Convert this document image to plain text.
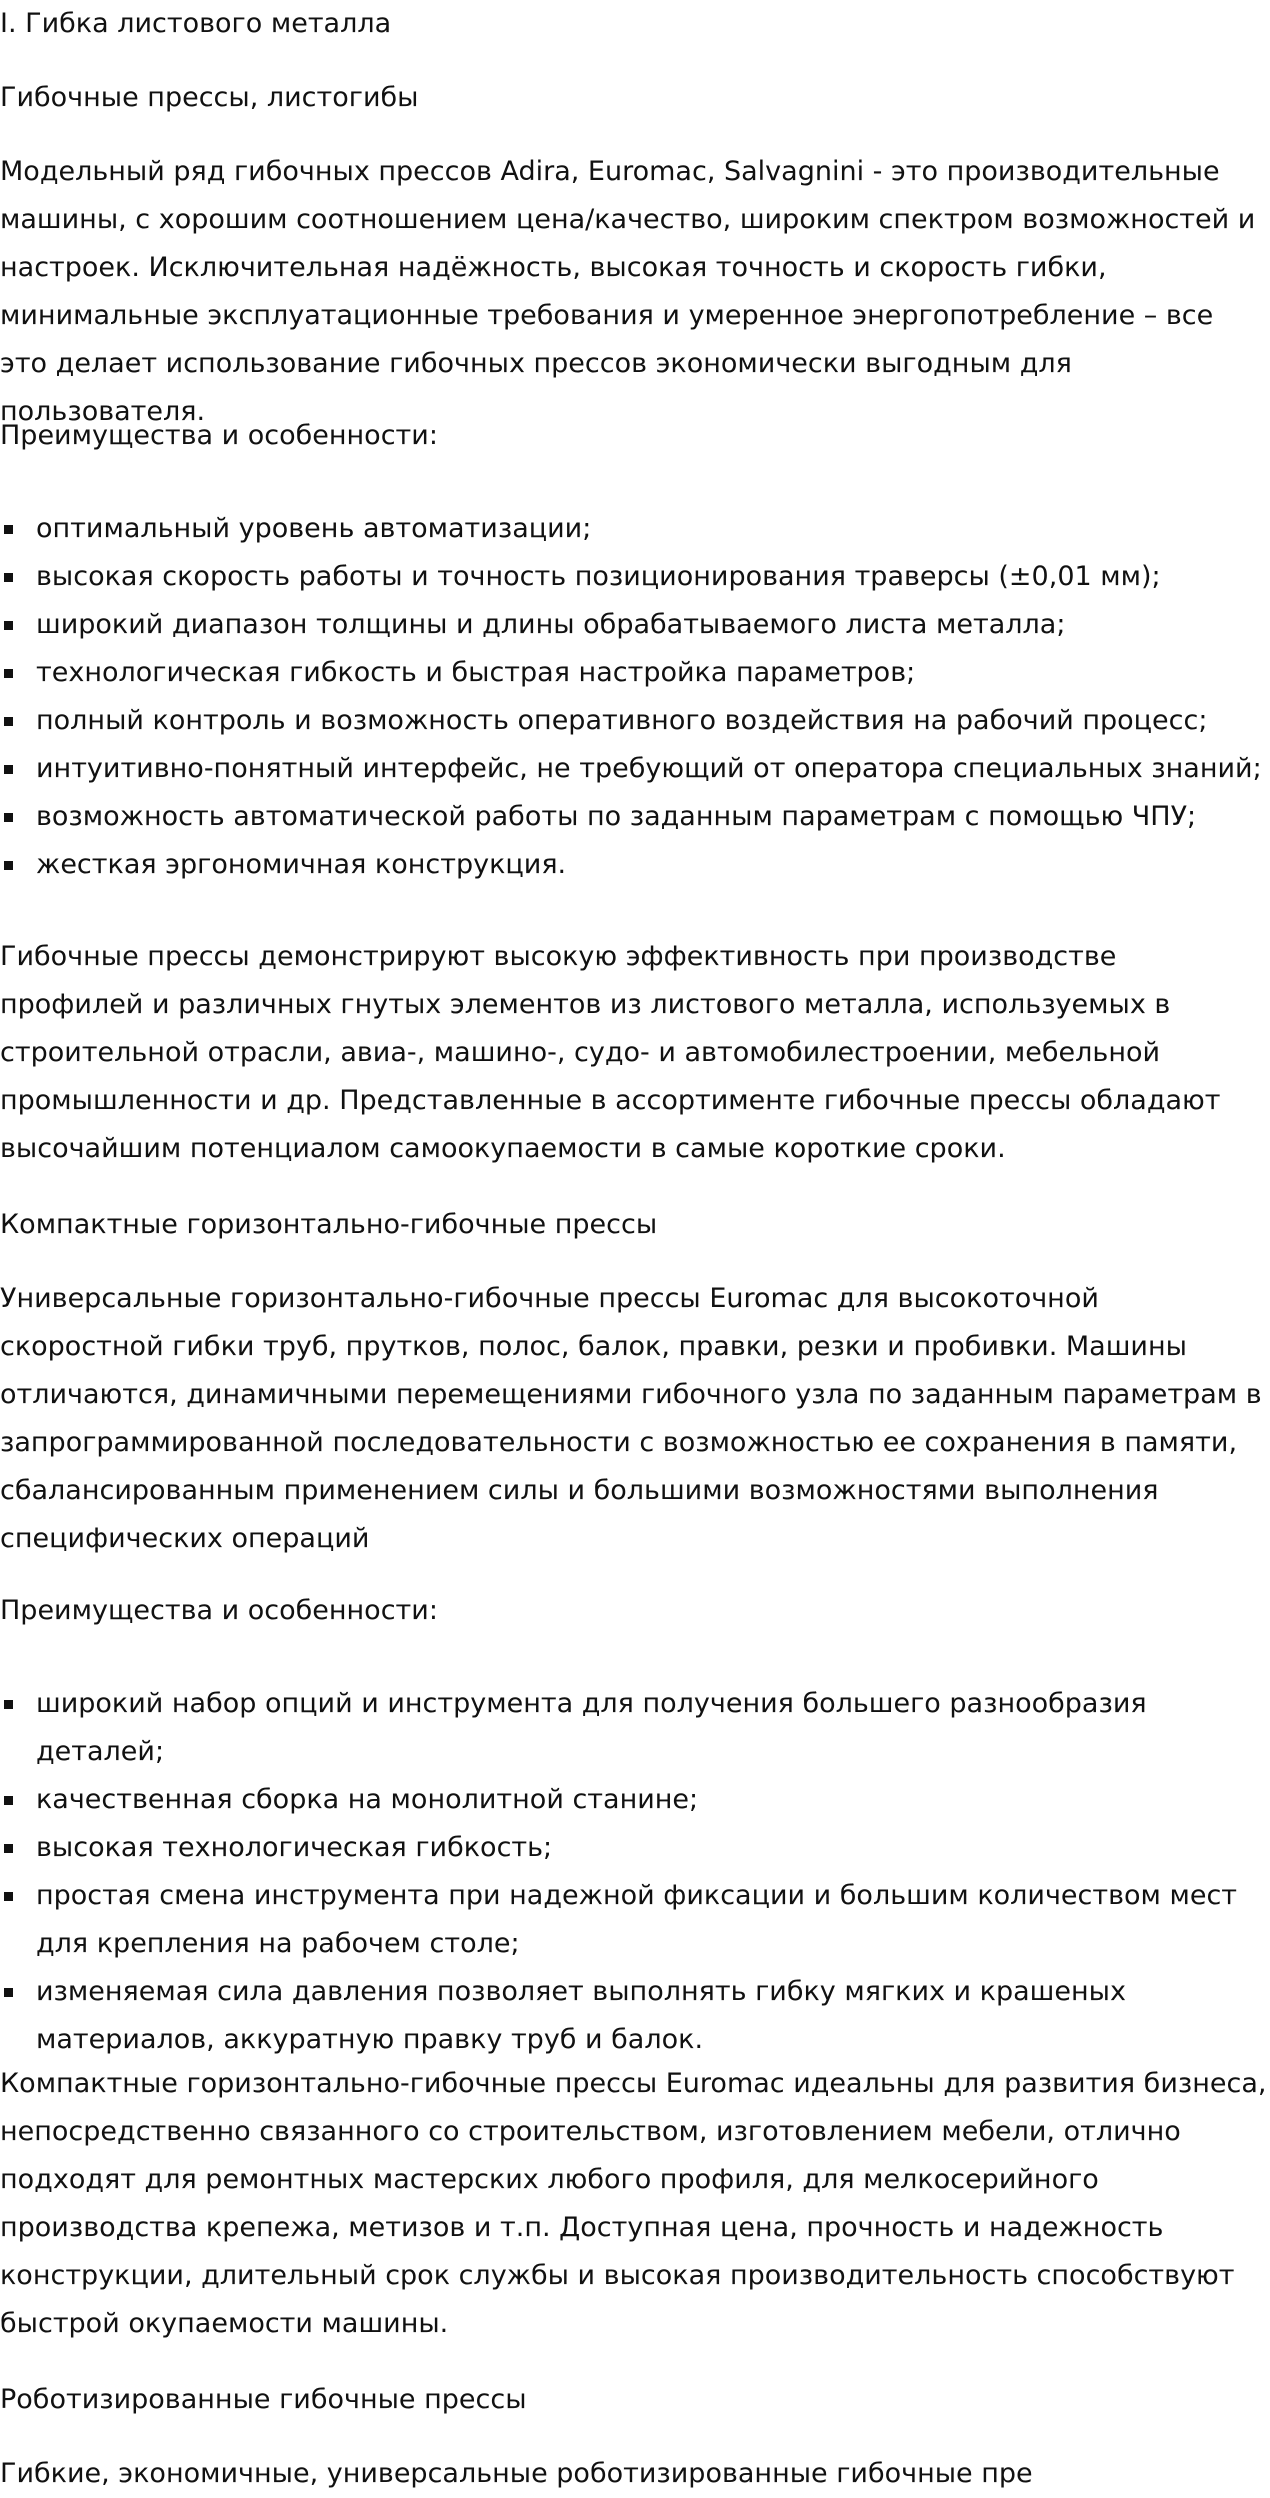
I. Гибка листового металла
Гибочные прессы, листогибы

Модельный ряд гибочных прессов Adira, Euromac, Salvagnini - это производительные машины, с хорошим соотношением цена/качество, широким спектром возможностей и настроек. Исключительная надёжность, высокая точность и скорость гибки, минимальные эксплуатационные требования и умеренное энергопотребление – все это делает использование гибочных прессов экономически выгодным для пользователя.

Преимущества и особенности:

оптимальный уровень автоматизации;
высокая скорость работы и точность позиционирования траверсы (±0,01 мм);
широкий диапазон толщины и длины обрабатываемого листа металла;
технологическая гибкость и быстрая настройка параметров;
полный контроль и возможность оперативного воздействия на рабочий процесс;
интуитивно-понятный интерфейс, не требующий от оператора специальных знаний;
возможность автоматической работы по заданным параметрам с помощью ЧПУ;
жесткая эргономичная конструкция.

Гибочные прессы демонстрируют высокую эффективность при производстве профилей и различных гнутых элементов из листового металла, используемых в строительной отрасли, авиа-, машино-, судо- и автомобилестроении, мебельной промышленности и др. Представленные в ассортименте гибочные прессы обладают высочайшим потенциалом самоокупаемости в самые короткие сроки.

Компактные горизонтально-гибочные прессы

Универсальные горизонтально-гибочные прессы Euromac для высокоточной скоростной гибки труб, прутков, полос, балок, правки, резки и пробивки. Машины отличаются, динамичными перемещениями гибочного узла по заданным параметрам в запрограммированной последовательности с возможностью ее сохранения в памяти, сбалансированным применением силы и большими возможностями выполнения специфических операций

Преимущества и особенности:

широкий набор опций и инструмента для получения большего разнообразия деталей;
качественная сборка на монолитной станине;
высокая технологическая гибкость;
простая смена инструмента при надежной фиксации и большим количеством мест для крепления на рабочем столе;
изменяемая сила давления позволяет выполнять гибку мягких и крашеных материалов, аккуратную правку труб и балок.

Компактные горизонтально-гибочные прессы Euromac идеальны для развития бизнеса, непосредственно связанного со строительством, изготовлением мебели, отлично подходят для ремонтных мастерских любого профиля, для мелкосерийного производства крепежа, метизов и т.п. Доступная цена, прочность и надежность конструкции, длительный срок службы и высокая производительность способствуют быстрой окупаемости машины.

Роботизированные гибочные прессы

Гибкие, экономичные, универсальные роботизированные гибочные пре
